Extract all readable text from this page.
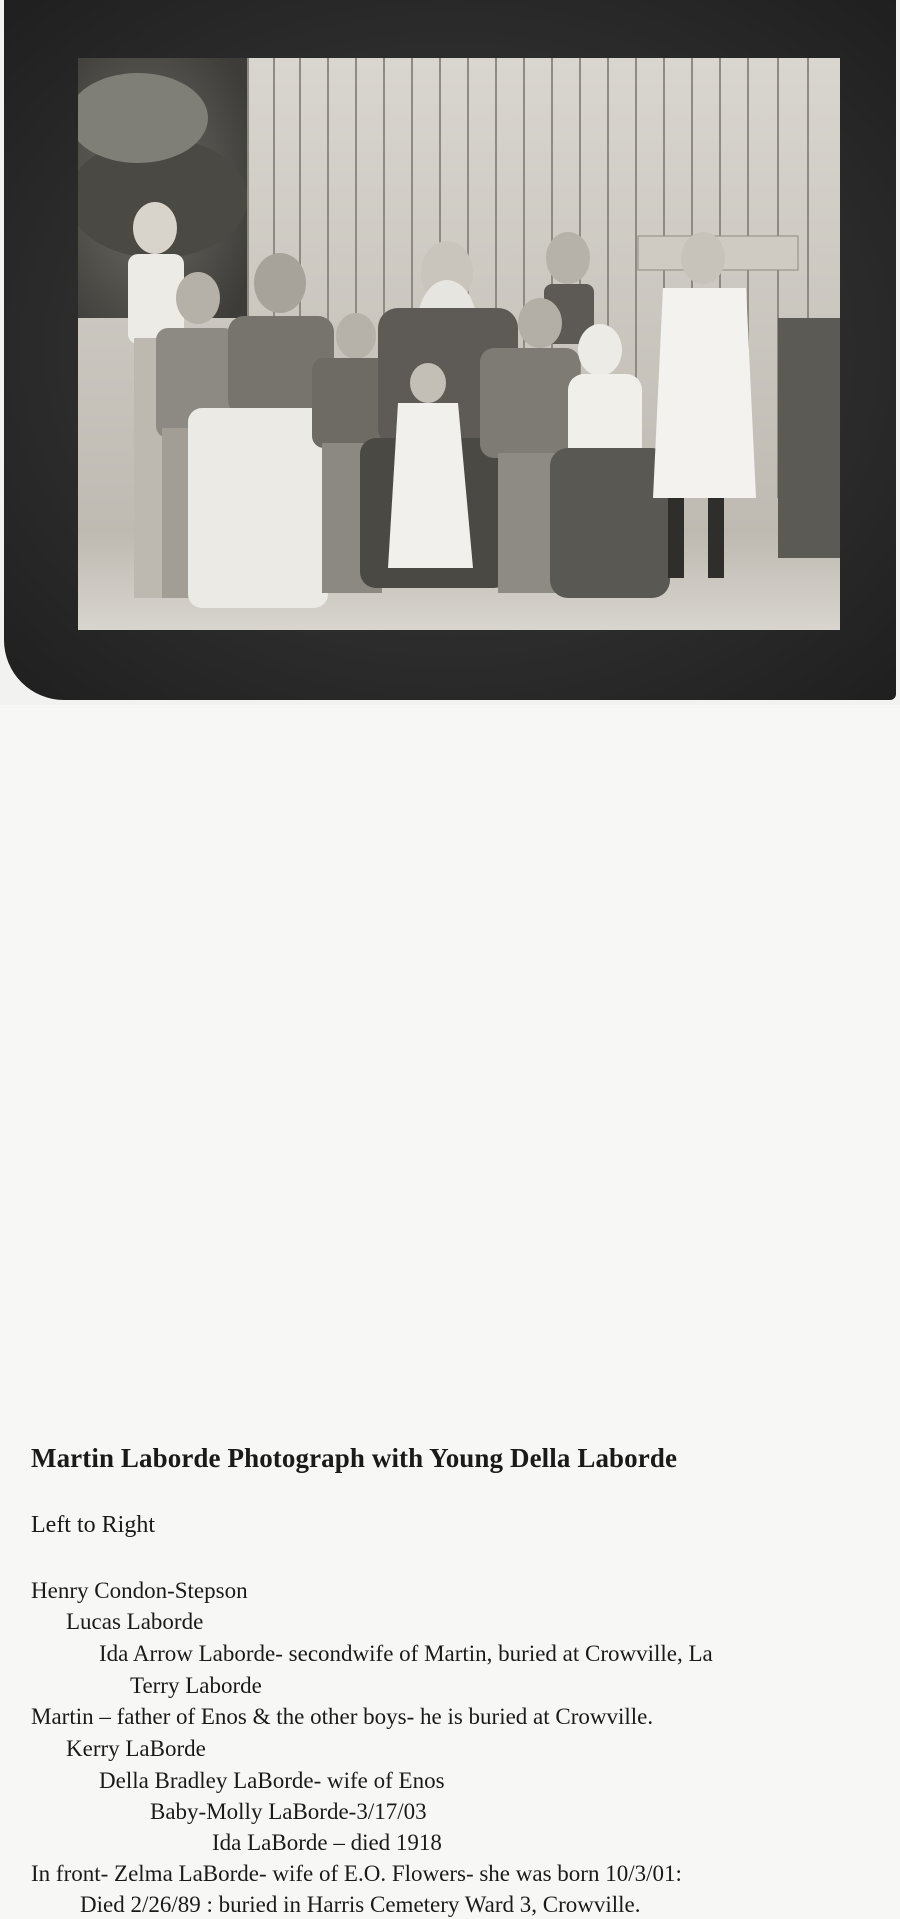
Martin Laborde Photograph with Young Della Laborde
Left to Right
Henry Condon-Stepson
Lucas Laborde
Ida Arrow Laborde- secondwife of Martin, buried at Crowville, La
Terry Laborde
Martin – father of Enos & the other boys- he is buried at Crowville.
Kerry LaBorde
Della Bradley LaBorde- wife of Enos
Baby-Molly LaBorde-3/17/03
Ida LaBorde – died 1918
In front- Zelma LaBorde- wife of E.O. Flowers- she was born 10/3/01:
Died 2/26/89 : buried in Harris Cemetery Ward 3, Crowville.
